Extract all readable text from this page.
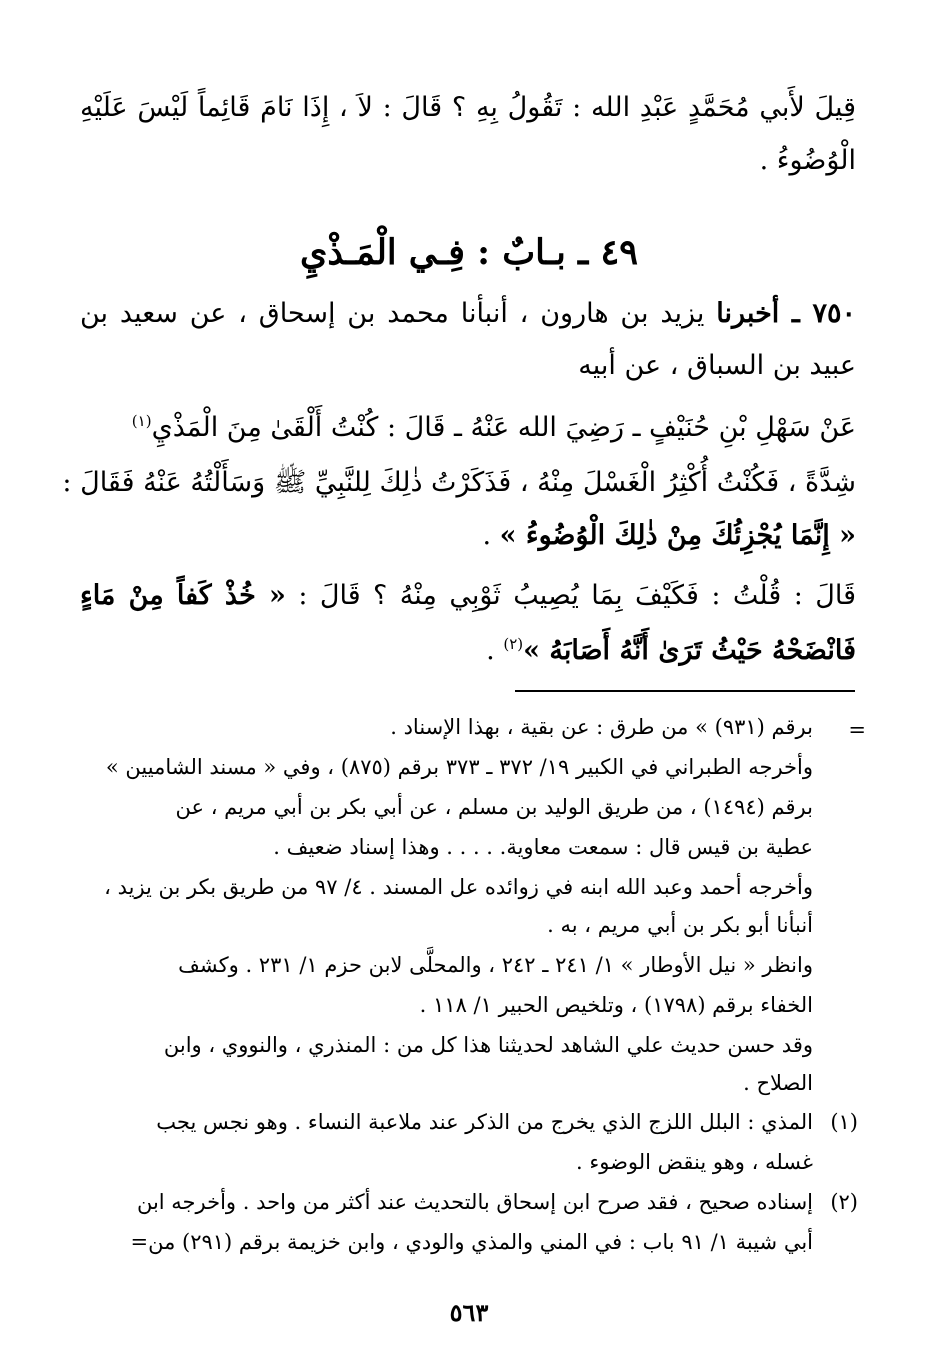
قِيلَ لأَبي مُحَمَّدٍ عَبْدِ الله : تَقُولُ بِهِ ؟ قَالَ : لاَ ، إِذَا نَامَ قَائِماً لَيْسَ عَلَيْهِ
الْوُضُوءُ .
٤٩ ـ بـابٌ : فِـي الْمَـذْيِ
٧٥٠ ـ أخبرنا يزيد بن هارون ، أنبأنا محمد بن إسحاق ، عن سعيد بن
عبيد بن السباق ، عن أبيه
عَنْ سَهْلِ بْنِ حُنَيْفٍ ـ رَضِيَ الله عَنْهُ ـ قَالَ : كُنْتُ أَلْقَىٰ مِنَ الْمَذْيِ$^{(١)}$
شِدَّةً ، فَكُنْتُ أُكْثِرُ الْغَسْلَ مِنْهُ ، فَذَكَرْتُ ذٰلِكَ لِلنَّبِيِّ ﷺ وَسَأَلْتُهُ عَنْهُ فَقَالَ :
« إِنَّمَا يُجْزِئُكَ مِنْ ذٰلِكَ الْوُضُوءُ » .
قَالَ : قُلْتُ : فَكَيْفَ بِمَا يُصِيبُ ثَوْبِي مِنْهُ ؟ قَالَ : « خُذْ كَفاً مِنْ مَاءٍ
فَانْضَحْهُ حَيْثُ تَرَىٰ أَنَّهُ أَصَابَهُ »$^{(٢)}$ .
=
برقم (٩٣١) » من طرق : عن بقية ، بهذا الإسناد .
وأخرجه الطبراني في الكبير ١٩/ ٣٧٢ ـ ٣٧٣ برقم (٨٧٥) ، وفي « مسند الشاميين »
برقم (١٤٩٤) ، من طريق الوليد بن مسلم ، عن أبي بكر بن أبي مريم ، عن
عطية بن قيس قال : سمعت معاوية. . . . . وهذا إسناد ضعيف .
وأخرجه أحمد وعبد الله ابنه في زوائده عل المسند . ٤/ ٩٧ من طريق بكر بن يزيد ،
أنبأنا أبو بكر بن أبي مريم ، به .
وانظر « نيل الأوطار » ١/ ٢٤١ ـ ٢٤٢ ، والمحلَّى لابن حزم ١/ ٢٣١ . وكشف
الخفاء برقم (١٧٩٨) ، وتلخيص الحبير ١/ ١١٨ .
وقد حسن حديث علي الشاهد لحديثنا هذا كل من : المنذري ، والنووي ، وابن
الصلاح .
(١)
المذي : البلل اللزج الذي يخرج من الذكر عند ملاعبة النساء . وهو نجس يجب
غسله ، وهو ينقض الوضوء .
(٢)
إسناده صحيح ، فقد صرح ابن إسحاق بالتحديث عند أكثر من واحد . وأخرجه ابن
أبي شيبة ١/ ٩١ باب : في المني والمذي والودي ، وابن خزيمة برقم (٢٩١) من=
٥٦٣
